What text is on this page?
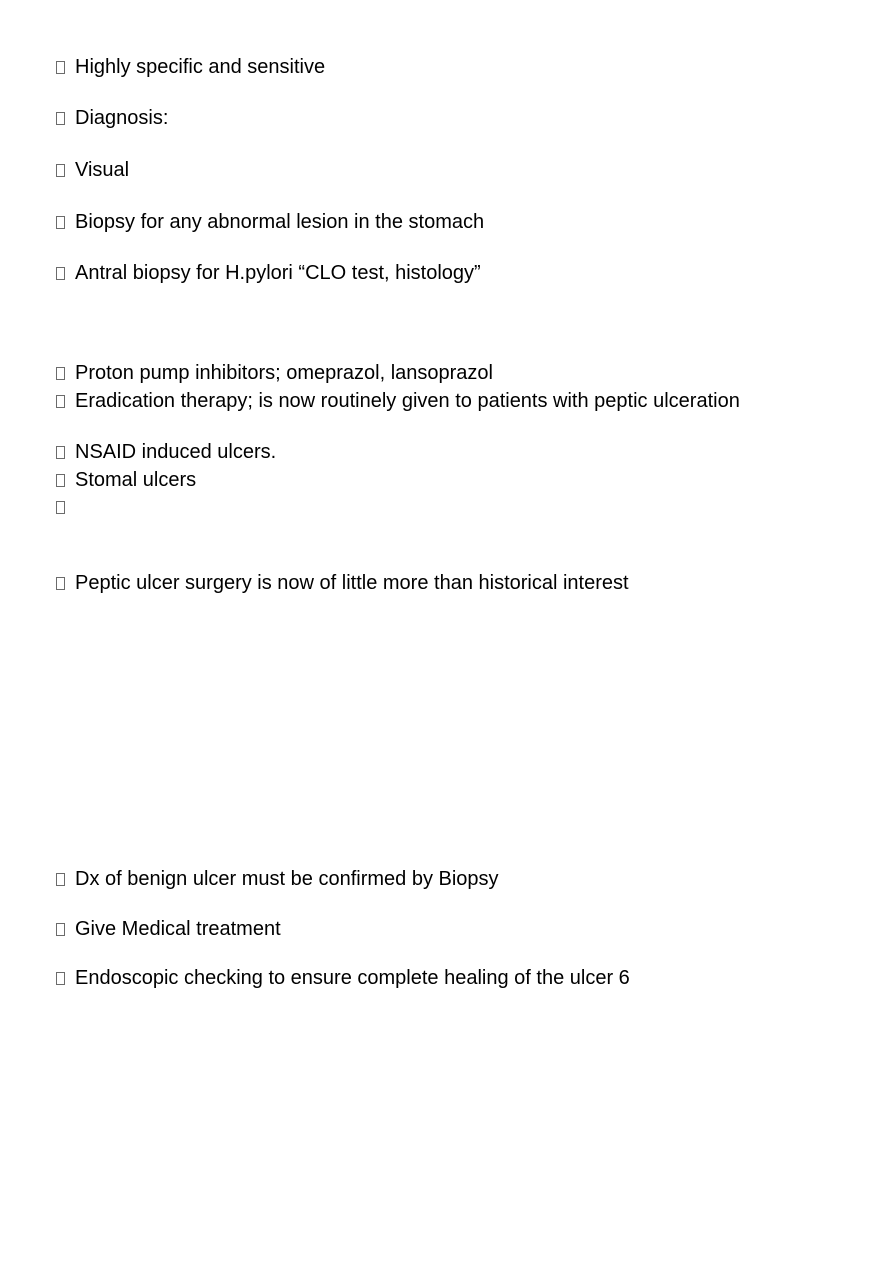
Highly specific and sensitive
Diagnosis:
Visual
Biopsy for any abnormal lesion in the stomach
Antral biopsy for H.pylori “CLO test, histology”
Proton pump inhibitors; omeprazol, lansoprazol
Eradication therapy; is now routinely given to patients with peptic ulceration
NSAID induced ulcers.
Stomal ulcers
Peptic ulcer surgery is now of little more than historical interest
Dx of benign ulcer must be confirmed by Biopsy
Give Medical treatment
Endoscopic checking to ensure complete healing of the ulcer 6
